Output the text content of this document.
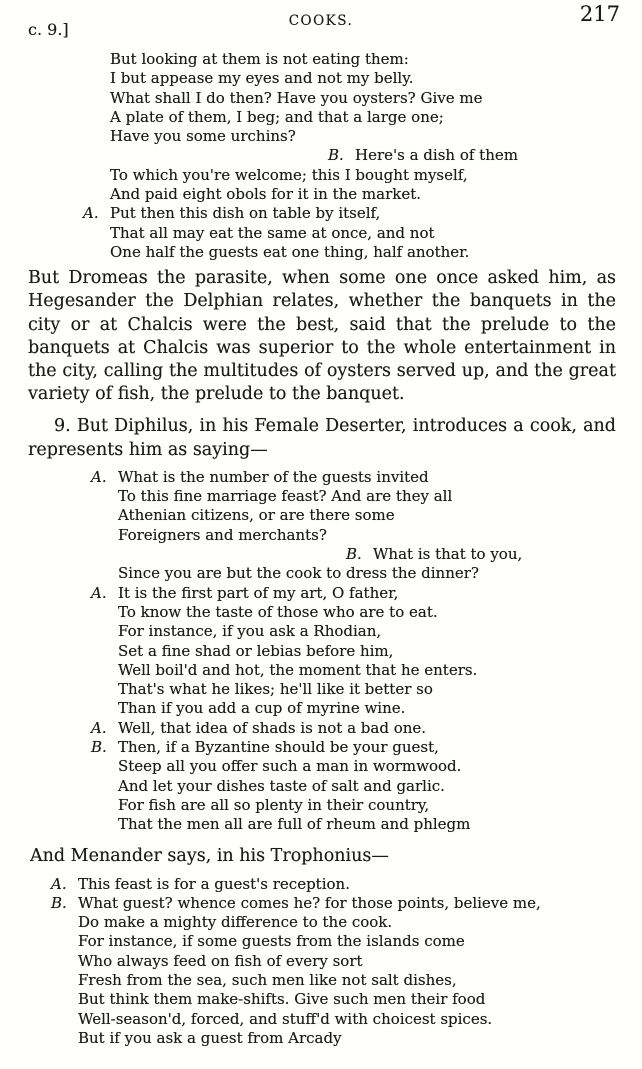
c. 9.]	COOKS.	217
But looking at them is not eating them:
I but appease my eyes and not my belly.
What shall I do then? Have you oysters? Give me
A plate of them, I beg; and that a large one;
Have you some urchins?
B. Here's a dish of them
To which you're welcome; this I bought myself,
And paid eight obols for it in the market.
A. Put then this dish on table by itself,
That all may eat the same at once, and not
One half the guests eat one thing, half another.

But Dromeas the parasite, when some one once asked him, as Hegesander the Delphian relates, whether the banquets in the city or at Chalcis were the best, said that the prelude to the banquets at Chalcis was superior to the whole entertainment in the city, calling the multitudes of oysters served up, and the great variety of fish, the prelude to the banquet.

9. But Diphilus, in his Female Deserter, introduces a cook, and represents him as saying—

A. What is the number of the guests invited
To this fine marriage feast? And are they all
Athenian citizens, or are there some
Foreigners and merchants?
B. What is that to you,
Since you are but the cook to dress the dinner?
A. It is the first part of my art, O father,
To know the taste of those who are to eat.
For instance, if you ask a Rhodian,
Set a fine shad or lebias before him,
Well boil'd and hot, the moment that he enters.
That's what he likes; he'll like it better so
Than if you add a cup of myrine wine.
A. Well, that idea of shads is not a bad one.
B. Then, if a Byzantine should be your guest,
Steep all you offer such a man in wormwood.
And let your dishes taste of salt and garlic.
For fish are all so plenty in their country,
That the men all are full of rheum and phlegm

And Menander says, in his Trophonius—

A. This feast is for a guest's reception.
B. What guest? whence comes he? for those points, believe me,
Do make a mighty difference to the cook.
For instance, if some guests from the islands come
Who always feed on fish of every sort
Fresh from the sea, such men like not salt dishes,
But think them make-shifts. Give such men their food
Well-season'd, forced, and stuff'd with choicest spices.
But if you ask a guest from Arcady
